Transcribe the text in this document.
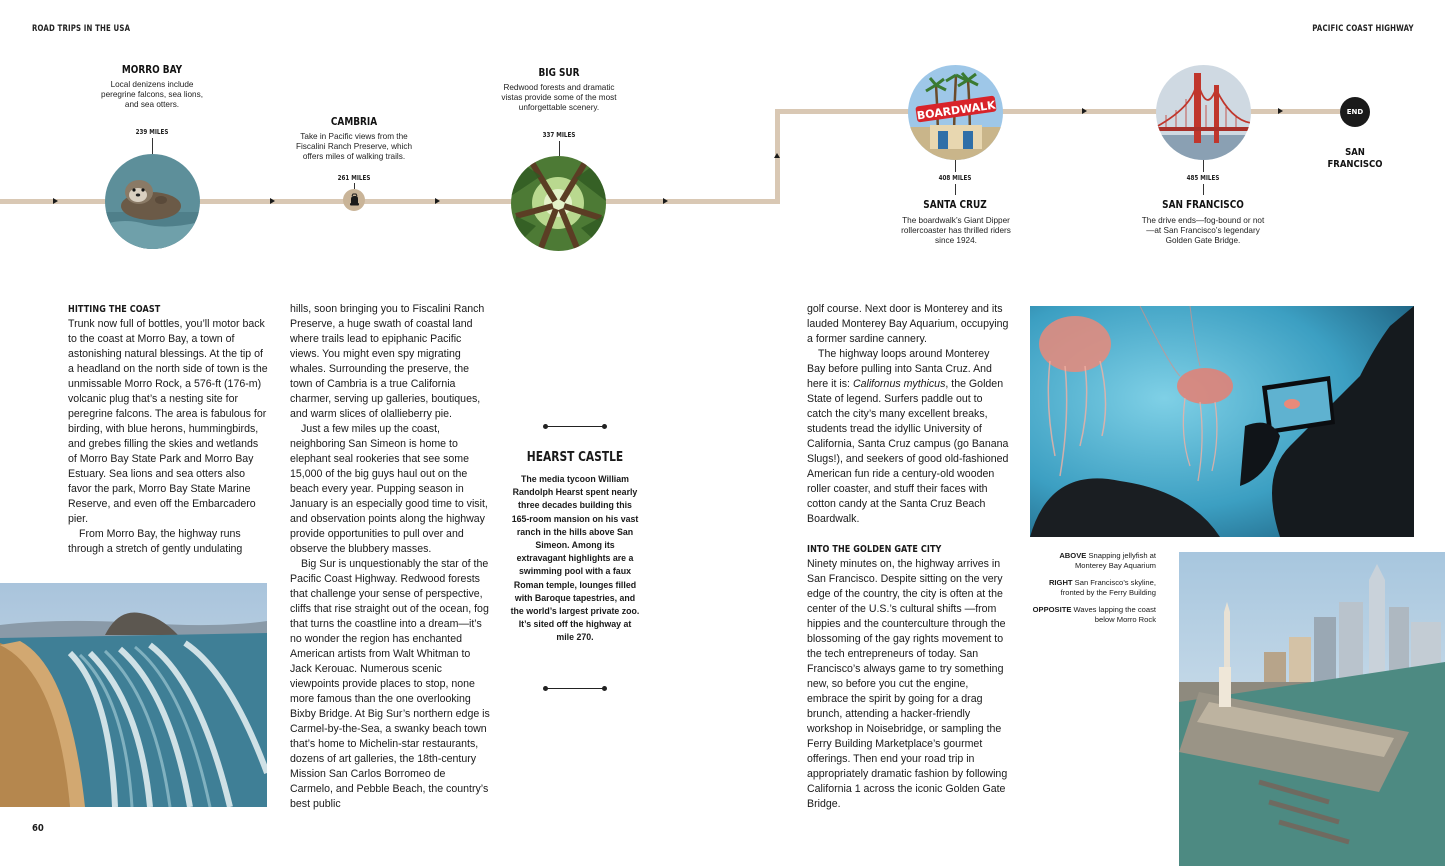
ROAD TRIPS IN THE USA	PACIFIC COAST HIGHWAY
MORRO BAY
Local denizens include peregrine falcons, sea lions, and sea otters.
239 MILES
CAMBRIA
Take in Pacific views from the Fiscalini Ranch Preserve, which offers miles of walking trails.
261 MILES
BIG SUR
Redwood forests and dramatic vistas provide some of the most unforgettable scenery.
337 MILES
BOARDWALK
408 MILES
SANTA CRUZ
The boardwalk’s Giant Dipper rollercoaster has thrilled riders since 1924.
485 MILES
SAN FRANCISCO
The drive ends—fog-bound or not—at San Francisco’s legendary Golden Gate Bridge.
END
SAN FRANCISCO
HITTING THE COAST

Trunk now full of bottles, you’ll motor back to the coast at Morro Bay, a town of astonishing natural blessings. At the tip of a headland on the north side of town is the unmissable Morro Rock, a 576-ft (176-m) volcanic plug that’s a nesting site for peregrine falcons. The area is fabulous for birding, with blue herons, hummingbirds, and grebes filling the skies and wetlands of Morro Bay State Park and Morro Bay Estuary. Sea lions and sea otters also favor the park, Morro Bay State Marine Reserve, and even off the Embarcadero pier.

From Morro Bay, the highway runs through a stretch of gently undulating

hills, soon bringing you to Fiscalini Ranch Preserve, a huge swath of coastal land where trails lead to epiphanic Pacific views. You might even spy migrating whales. Surrounding the preserve, the town of Cambria is a true California charmer, serving up galleries, boutiques, and warm slices of olallieberry pie.

Just a few miles up the coast, neighboring San Simeon is home to elephant seal rookeries that see some 15,000 of the big guys haul out on the beach every year. Pupping season in January is an especially good time to visit, and observation points along the highway provide opportunities to pull over and observe the blubbery masses.

Big Sur is unquestionably the star of the Pacific Coast Highway. Redwood forests that challenge your sense of perspective, cliffs that rise straight out of the ocean, fog that turns the coastline into a dream—it’s no wonder the region has enchanted American artists from Walt Whitman to Jack Kerouac. Numerous scenic viewpoints provide places to stop, none more famous than the one overlooking Bixby Bridge. At Big Sur’s northern edge is Carmel-by-the-Sea, a swanky beach town that’s home to Michelin-star restaurants, dozens of art galleries, the 18th-century Mission San Carlos Borromeo de Carmelo, and Pebble Beach, the country’s best public

HEARST CASTLE

The media tycoon William Randolph Hearst spent nearly three decades building this 165-room mansion on his vast ranch in the hills above San Simeon. Among its extravagant highlights are a swimming pool with a faux Roman temple, lounges filled with Baroque tapestries, and the world’s largest private zoo. It’s sited off the highway at mile 270.

golf course. Next door is Monterey and its lauded Monterey Bay Aquarium, occupying a former sardine cannery.

The highway loops around Monterey Bay before pulling into Santa Cruz. And here it is: Californus mythicus, the Golden State of legend. Surfers paddle out to catch the city’s many excellent breaks, students tread the idyllic University of California, Santa Cruz campus (go Banana Slugs!), and seekers of good old-fashioned American fun ride a century-old wooden roller coaster, and stuff their faces with cotton candy at the Santa Cruz Beach Boardwalk.

INTO THE GOLDEN GATE CITY

Ninety minutes on, the highway arrives in San Francisco. Despite sitting on the very edge of the country, the city is often at the center of the U.S.’s cultural shifts —from hippies and the counterculture through the blossoming of the gay rights movement to the tech entrepreneurs of today. San Francisco’s always game to try something new, so before you cut the engine, embrace the spirit by going for a drag brunch, attending a hacker-friendly workshop in Noisebridge, or sampling the Ferry Building Marketplace’s gourmet offerings. Then end your road trip in appropriately dramatic fashion by following California 1 across the iconic Golden Gate Bridge.

ABOVE Snapping jellyfish at Monterey Bay Aquarium
RIGHT San Francisco’s skyline, fronted by the Ferry Building
OPPOSITE Waves lapping the coast below Morro Rock
60
